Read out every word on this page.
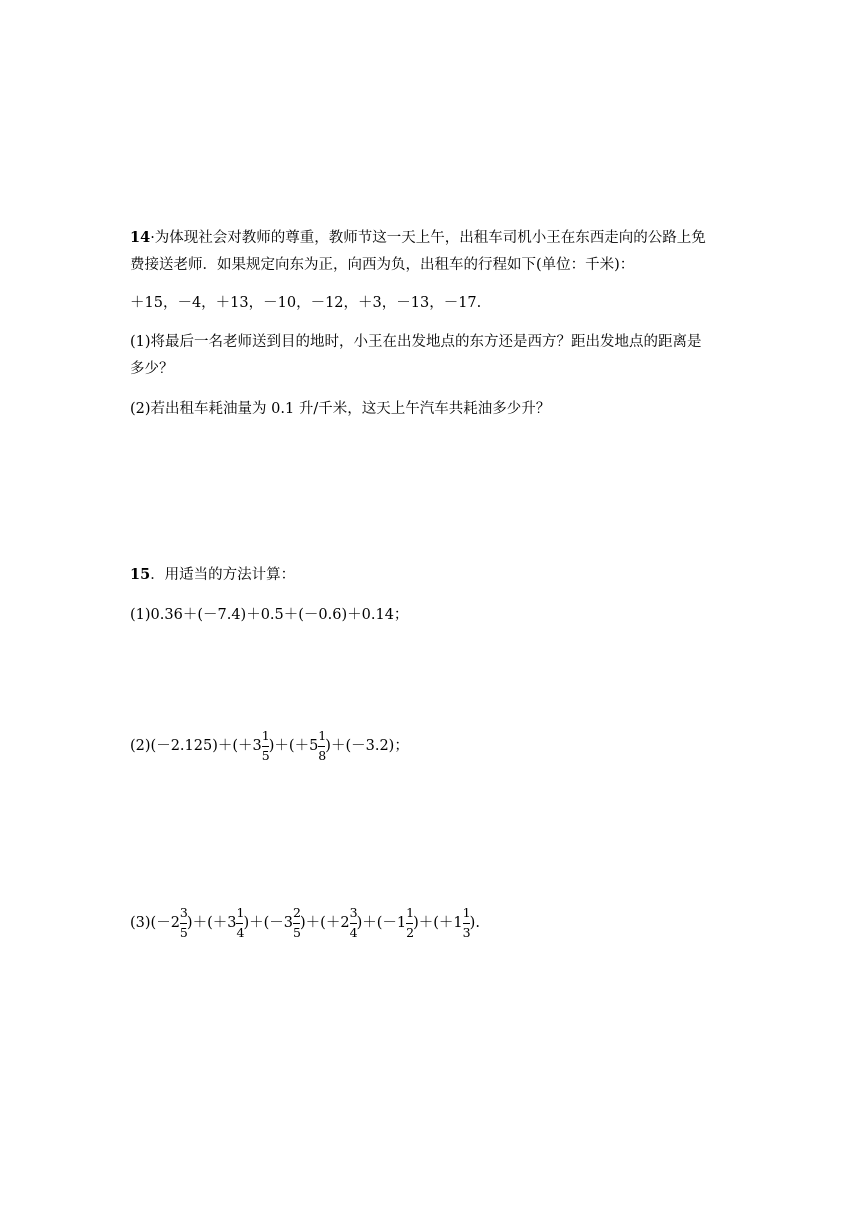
14·为体现社会对教师的尊重，教师节这一天上午，出租车司机小王在东西走向的公路上免
费接送老师．如果规定向东为正，向西为负，出租车的行程如下(单位：千米)：
＋15，－4，＋13，－10，－12，＋3，－13，－17.
(1)将最后一名老师送到目的地时，小王在出发地点的东方还是西方？距出发地点的距离是
多少？
(2)若出租车耗油量为 0.1 升/千米，这天上午汽车共耗油多少升？
15．用适当的方法计算：
(1)0.36＋(－7.4)＋0.5＋(－0.6)＋0.14；
$(2)(-2.125)+(+3 \frac{1}{5} )+(+5 \frac{1}{8} )+(-3.2)$；
$(3)(-2 \frac{3}{5} )+(+3 \frac{1}{4} )+(-3 \frac{2}{5} )+(+2 \frac{3}{4} )+(-1 \frac{1}{2} )+(+1 \frac{1}{3}$ ).
